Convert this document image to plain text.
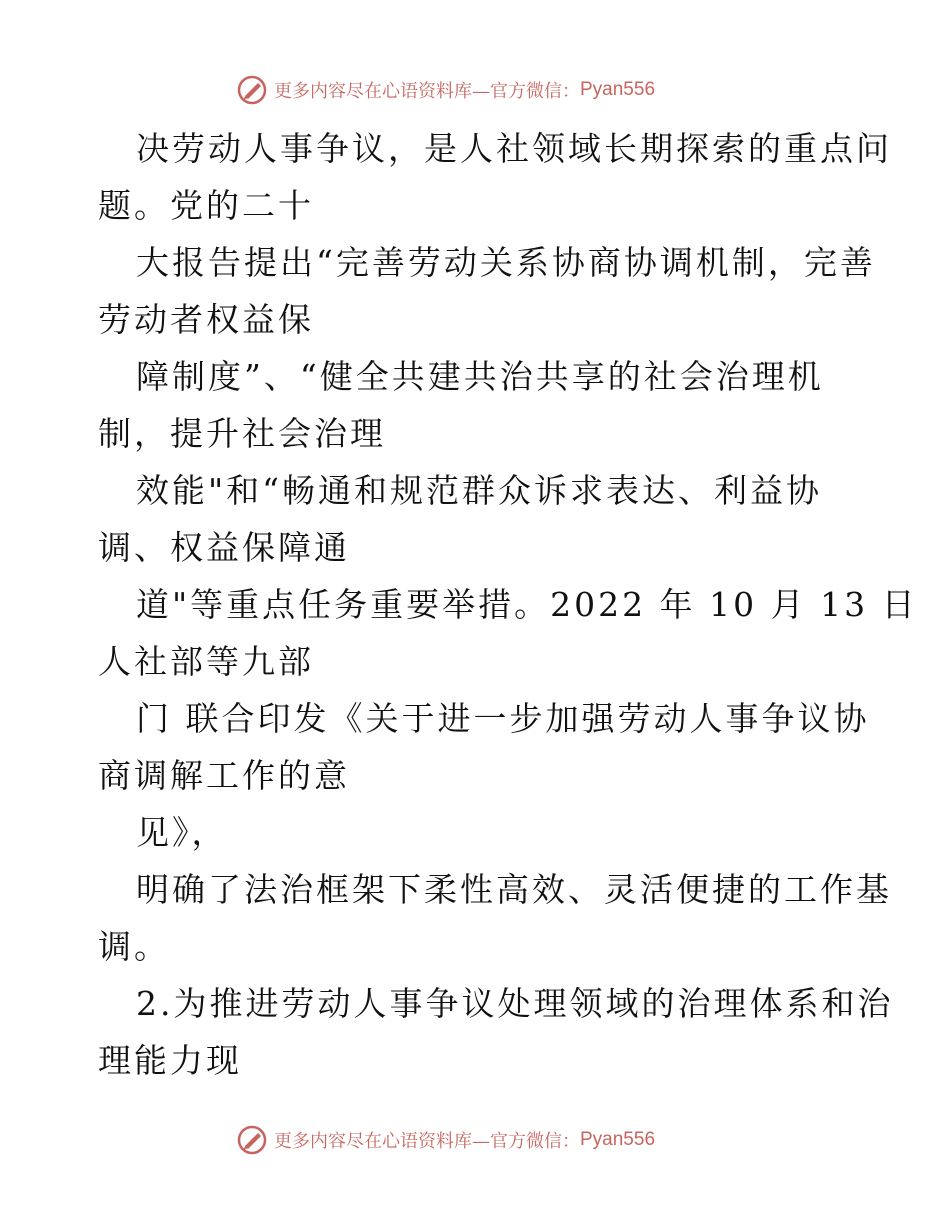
更多内容尽在心语资料库—官方微信： Pyan556

决劳动人事争议，是人社领域长期探索的重点问
题。党的二十

大报告提出“完善劳动关系协商协调机制，完善
劳动者权益保

障制度”、“健全共建共治共享的社会治理机
制，提升社会治理

效能"和“畅通和规范群众诉求表达、利益协
调、权益保障通

道"等重点任务重要举措。2022 年 10 月 13 日
人社部等九部

门 联合印发《关于进一步加强劳动人事争议协
商调解工作的意

见》，

明确了法治框架下柔性高效、灵活便捷的工作基
调。

2.为推进劳动人事争议处理领域的治理体系和治
理能力现

更多内容尽在心语资料库—官方微信： Pyan556
